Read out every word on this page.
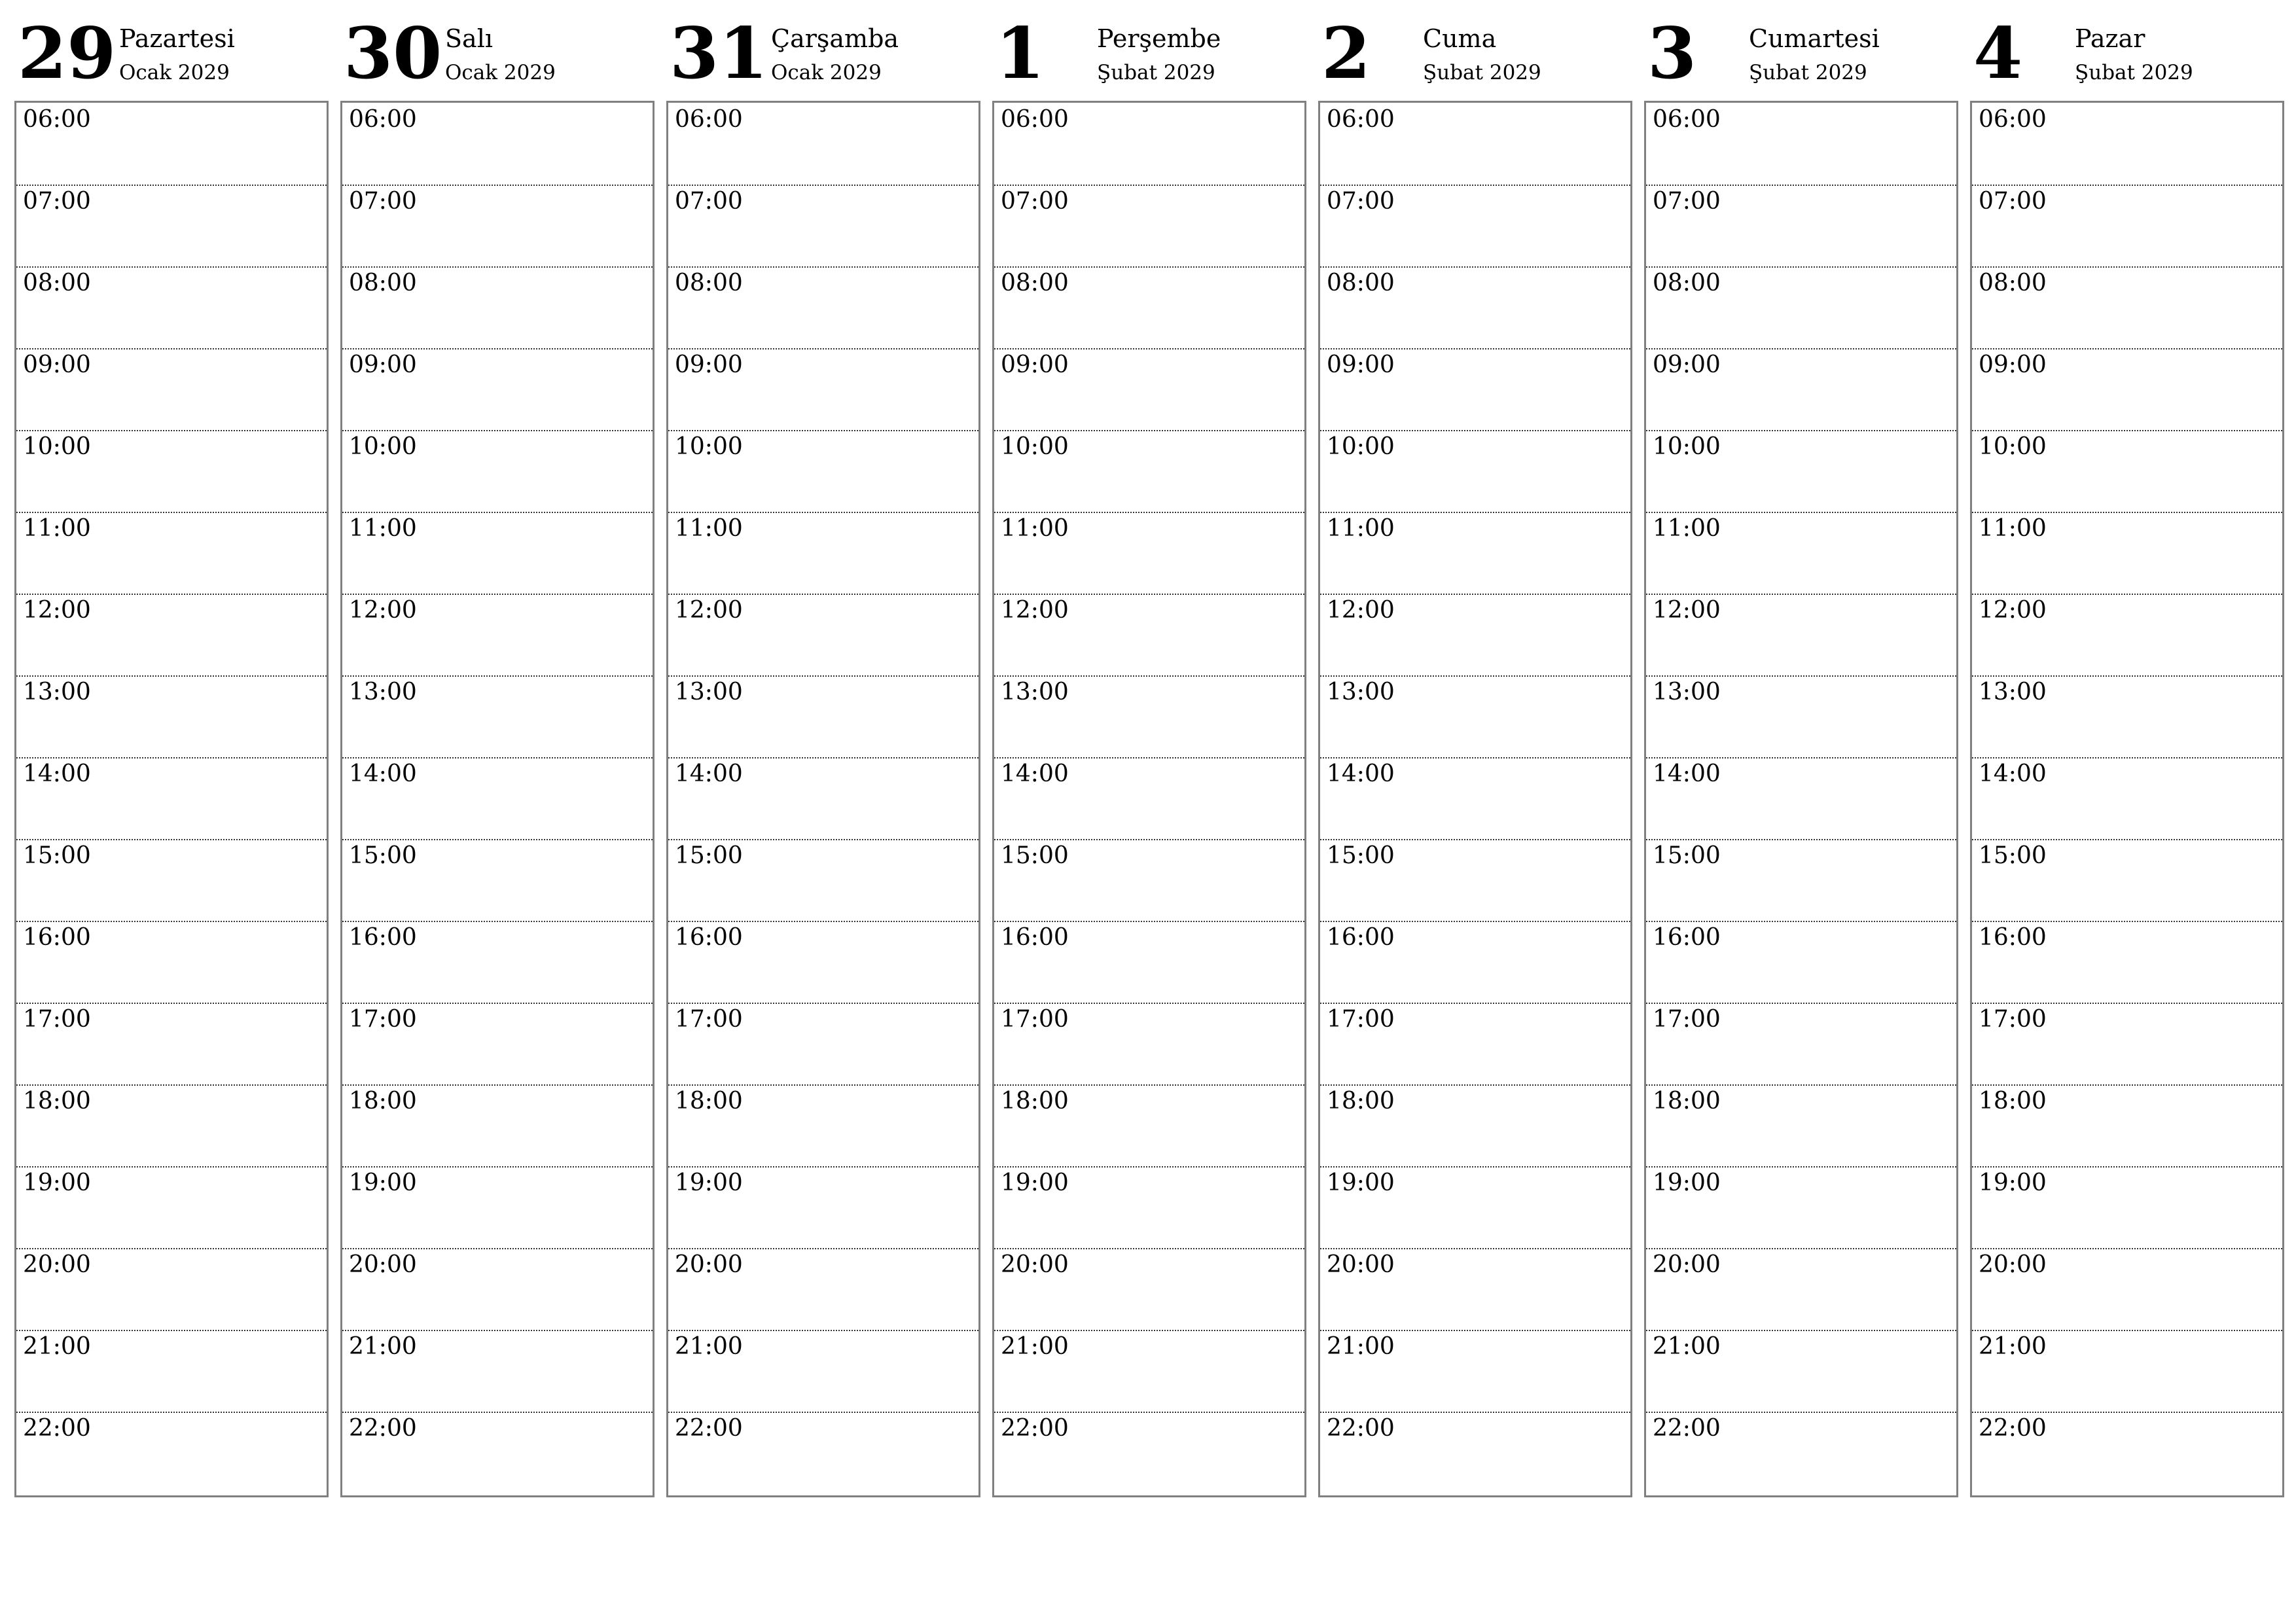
29 Pazartesi
Ocak 2029
06:00
07:00
08:00
09:00
10:00
11:00
12:00
13:00
14:00
15:00
16:00
17:00
18:00
19:00
20:00
21:00
22:00
30 Salı
Ocak 2029
06:00
07:00
08:00
09:00
10:00
11:00
12:00
13:00
14:00
15:00
16:00
17:00
18:00
19:00
20:00
21:00
22:00
31 Çarşamba
Ocak 2029
06:00
07:00
08:00
09:00
10:00
11:00
12:00
13:00
14:00
15:00
16:00
17:00
18:00
19:00
20:00
21:00
22:00
1 Perşembe
Şubat 2029
06:00
07:00
08:00
09:00
10:00
11:00
12:00
13:00
14:00
15:00
16:00
17:00
18:00
19:00
20:00
21:00
22:00
2 Cuma
Şubat 2029
06:00
07:00
08:00
09:00
10:00
11:00
12:00
13:00
14:00
15:00
16:00
17:00
18:00
19:00
20:00
21:00
22:00
3 Cumartesi
Şubat 2029
06:00
07:00
08:00
09:00
10:00
11:00
12:00
13:00
14:00
15:00
16:00
17:00
18:00
19:00
20:00
21:00
22:00
4 Pazar
Şubat 2029
06:00
07:00
08:00
09:00
10:00
11:00
12:00
13:00
14:00
15:00
16:00
17:00
18:00
19:00
20:00
21:00
22:00
